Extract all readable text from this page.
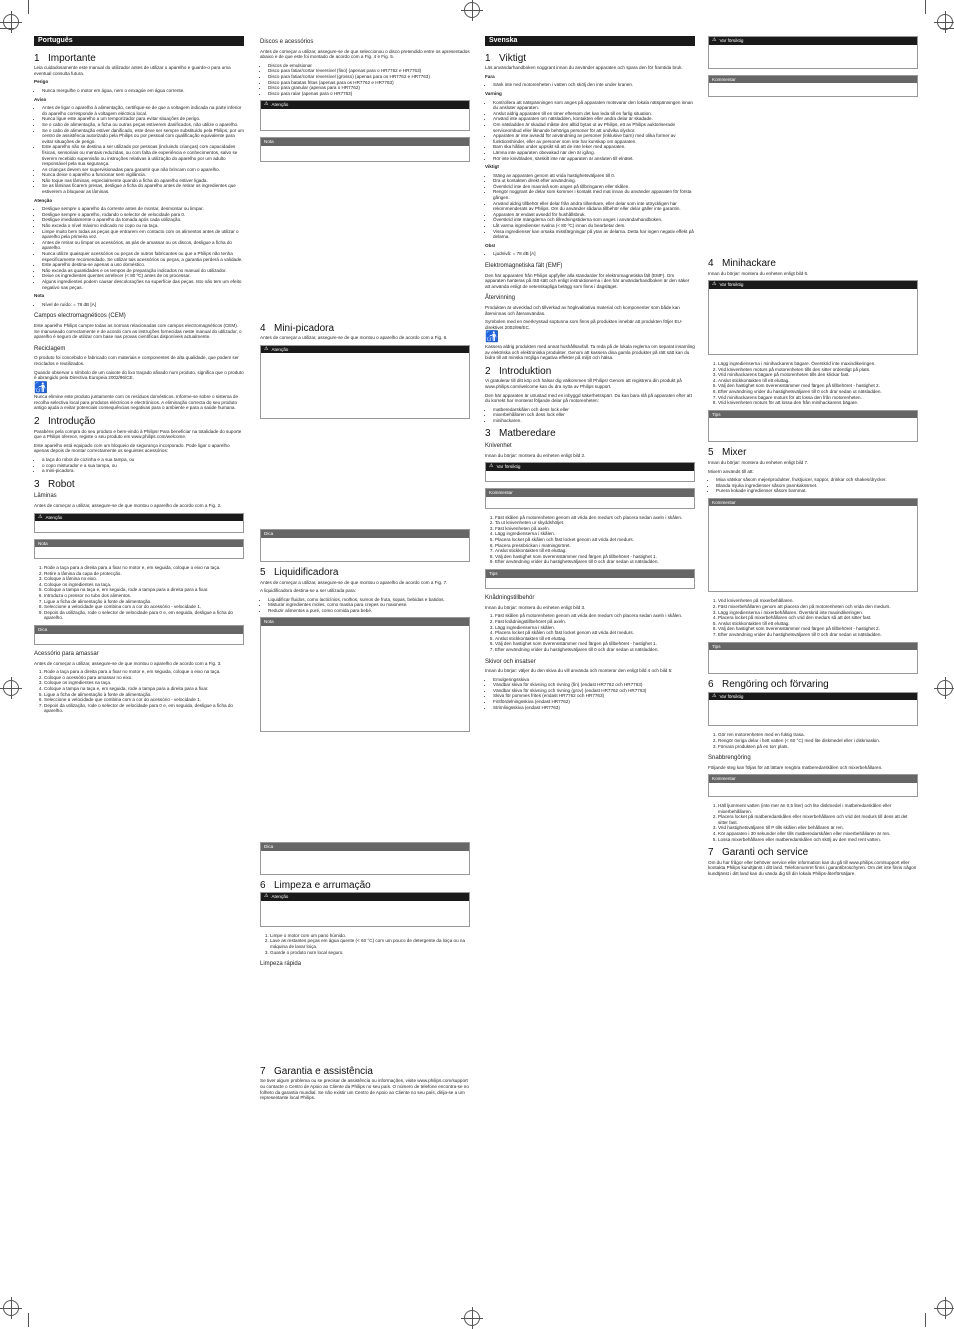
Português
1 Importante

Leia cuidadosamente este manual do utilizador antes de utilizar o aparelho e guarde-o para uma eventual consulta futura.

Perigo

• Nunca mergulhe o motor em água, nem o enxagúe em água corrente.

Aviso

• Antes de ligar o aparelho à alimentação, certifique-se de que a voltagem indicada na parte inferior do aparelho corresponde à voltagem eléctrica local.
• Nunca ligue este aparelho a um temporizador para evitar situações de perigo.
• Se o cabo de alimentação, a ficha ou outras peças estiverem danificados, não utilize o aparelho.
• Se o cabo de alimentação estiver danificado, este deve ser sempre substituído pela Philips, por um centro de assistência autorizado pela Philips ou por pessoal com qualificação equivalente para evitar situações de perigo.
• Este aparelho não se destina a ser utilizado por pessoas (incluindo crianças) com capacidades físicas, sensoriais ou mentais reduzidas, ou com falta de experiência e conhecimentos, salvo se tiverem recebido supervisão ou instruções relativas à utilização do aparelho por um adulto responsável pela sua segurança.
• As crianças devem ser supervisionadas para garantir que não brincam com o aparelho.
• Nunca deixe o aparelho a funcionar sem vigilância.
• Não toque nas lâminas, especialmente quando a ficha do aparelho estiver ligada.
• Se as lâminas ficarem presas, desligue a ficha do aparelho antes de retirar os ingredientes que estiverem a bloquear as lâminas.

Atenção

• Desligue sempre o aparelho da corrente antes de montar, desmontar ou limpar.
• Desligue sempre o aparelho, rodando o selector de velocidade para 0.
• Desligue imediatamente o aparelho da tomada após cada utilização.
• Não exceda o nível máximo indicado no copo ou na taça.
• Limpe muito bem todas as peças que entrarem em contacto com os alimentos antes de utilizar o aparelho pela primeira vez.
• Antes de retirar ou limpar os acessórios, as pás de amassar ou os discos, desligue a ficha do aparelho.
• Nunca utilize quaisquer acessórios ou peças de outros fabricantes ou que a Philips não tenha especificamente recomendado. Se utilizar tais acessórios ou peças, a garantia perderá a validade.
• Este aparelho destina-se apenas a uso doméstico.
• Não exceda as quantidades e os tempos de preparação indicados no manual do utilizador.
• Deixe os ingredientes quentes arrefecer (< 80 ºC) antes de os processar.
• Alguns ingredientes podem causar descolorações na superfície das peças. Isto não tem um efeito negativo nas peças.

Nota

• Nível de ruído: = 78 dB [A]
Campos electromagnéticos (CEM)

Este aparelho Philips cumpre todas as normas relacionadas com campos electromagnéticos (CEM). Se manuseado correctamente e de acordo com as instruções fornecidas neste manual do utilizador, o aparelho é seguro de utilizar com base nas provas científicas disponíveis actualmente.

Reciclagem

O produto foi concebido e fabricado com materiais e componentes de alta qualidade, que podem ser reciclados e reutilizados.

Quando observar o símbolo de um caixote do lixo traçado afixado num produto, significa que o produto é abrangido pela Directiva Europeia 2002/96/CE.

🚮

Nunca elimine este produto juntamente com os resíduos domésticos. Informe-se sobre o sistema de recolha selectiva local para produtos eléctricos e electrónicos. A eliminação correcta do seu produto antigo ajuda a evitar potenciais consequências negativas para o ambiente e para a saúde humana.

2 Introdução

Parabéns pela compra do seu produto e bem-vindo à Philips! Para beneficiar na totalidade do suporte que a Philips oferece, registe o seu produto em www.philips.com/welcome.

Este aparelho está equipado com um bloqueio de segurança incorporado. Pode ligar o aparelho apenas depois de montar correctamente os seguintes acessórios:

• a taça do robot de cozinha e a sua tampa, ou
• o copo misturador e a sua tampa, ou
• a mini-picadora.
3 Robot
Lâminas

Antes de começar a utilizar, assegure-se de que montou o aparelho de acordo com a Fig. 2.

⚠ Atenção

Nota

1. Rode a taça para a direita para a fixar no motor e, em seguida, coloque o eixo na taça.
2. Retire a lâmina da capa de protecção.
3. Coloque a lâmina no eixo.
4. Coloque os ingredientes na taça.
5. Coloque a tampa na taça e, em seguida, rode a tampa para a direita para a fixar.
6. Introduza o pressor no tubo dos alimentos.
7. Ligue a ficha de alimentação à fonte de alimentação.
8. Seleccione a velocidade que combina com a cor do acessório - velocidade 1.
9. Depois da utilização, rode o selector de velocidade para 0 e, em seguida, desligue a ficha do aparelho.
Dica

Acessório para amassar

Antes de começar a utilizar, assegure-se de que montou o aparelho de acordo com a Fig. 3.

1. Rode a taça para a direita para a fixar no motor e, em seguida, coloque o eixo na taça.
2. Coloque o acessório para amassar no eixo.
3. Coloque os ingredientes na taça.
4. Coloque a tampa na taça e, em seguida, rode a tampa para a direita para a fixar.
5. Ligue a ficha de alimentação à fonte de alimentação.
6. Seleccione a velocidade que combina com a cor do acessório - velocidade 1.
7. Depois da utilização, rode o selector de velocidade para 0 e, em seguida, desligue a ficha do aparelho.
Discos e acessórios

Antes de começar a utilizar, assegure-se de que seleccionou o disco pretendido entre os apresentados abaixo e de que este foi montado de acordo com a Fig. 4 e Fig. 5.

• Discos de emulsionar
• Disco para fatiar/cortar reversível (fino) (apenas para o HR7762 e HR7763)
• Disco para fatiar/cortar reversível (grosso) (apenas para os HR7762 e HR7763)
• Disco para batatas fritas (apenas para os HR7762 e HR7763)
• Disco para granular (apenas para o HR7762)
• Disco para ralar (apenas para o HR7763)
⚠ Atenção
Nota
4 Mini-picadora

Antes de começar a utilizar, assegure-se de que montou o aparelho de acordo com a Fig. 6.

⚠ Atenção
Dica
5 Liquidificadora

Antes de começar a utilizar, assegure-se de que montou o aparelho de acordo com a Fig. 7.

A liquidificadora destina-se a ser utilizada para:

• Liquidificar fluidos, como lacticínios, molhos, sumos de fruta, sopas, bebidas e batidos.
• Misturar ingredientes moles, como massa para crepes ou maionese.
• Reduzir alimentos a puré, como comida para bebé.
Nota
Dica
6 Limpeza e arrumação
⚠ Atenção
1. Limpe o motor com um pano húmido.
2. Lave as restantes peças em água quente (< 60 °C) com um pouco de detergente da loiça ou na máquina de lavar loiça.
3. Guarde o produto num local seguro.
Limpeza rápida
7 Garantia e assistência

Se tiver algum problema ou se precisar de assistência ou informações, visite www.philips.com/support ou contacte o Centro de Apoio ao Cliente da Philips no seu país. O número de telefone encontra-se no folheto da garantia mundial. Se não existir um Centro de Apoio ao Cliente no seu país, dirija-se a um representante local Philips.

Svenska
1 Viktigt

Läs användarhandboken noggrant innan du använder apparaten och spara den för framtida bruk.

Fara

• Sänk inte ned motorenheten i vatten och skölj den inte under kranen.

Varning

• Kontrollera att nätspänningen som anges på apparaten motsvarar den lokala nätspänningen innan du ansluter apparaten.
• Anslut aldrig apparaten till en timer eftersom det kan leda till en farlig situation.
• Använd inte apparaten om nätsladden, kontakten eller andra delar är skadade.
• Om nätsladden är skadad måste den alltid bytas ut av Philips, ett av Philips auktoriserade serviceombud eller liknande behöriga personer för att undvika olyckor.
• Apparaten är inte avsedd för användning av personer (inklusive barn) med olika former av funktionshinder, eller av personer som inte har kunskap om apparaten.
• Barn ska hållas under uppsikt så att de inte leker med apparaten.
• Lämna inte apparaten obevakad när den är igång.
• Rör inte knivbladen, särskilt inte när apparaten är ansluten till elnätet.

Viktigt

• Stäng av apparaten genom att vrida hastighetsväljaren till 0.
• Dra ut kontakten direkt efter användning.
• Överskrid inte den maxnivå som anges på tillbringaren eller skålen.
• Rengör noggrant de delar som kommer i kontakt med mat innan du använder apparaten för första gången.
• Använd aldrig tillbehör eller delar från andra tillverkare, eller delar som inte uttryckligen har rekommenderats av Philips. Om du använder sådana tillbehör eller delar gäller inte garantin.
• Apparaten är endast avsedd för hushållsbruk.
• Överskrid inte mängderna och tillredningstiderna som anges i användarhandboken.
• Låt varma ingredienser svalna (< 80 ºC) innan du bearbetar dem.
• Vissa ingredienser kan orsaka missfärgningar på ytan av delarna. Detta har ingen negativ effekt på delarna.

Obs!

• Ljudnivå: = 78 dB [A]
Elektromagnetiska fält (EMF)

Den här apparaten från Philips uppfyller alla standarder för elektromagnetiska fält (EMF). Om apparaten hanteras på rätt sätt och enligt instruktionerna i den här användarhandboken är den säker att använda enligt de vetenskapliga belägg som finns i dagsläget.

Återvinning

Produkten är utvecklad och tillverkad av högkvalitativa material och komponenter som både kan återvinnas och återanvändas.

Symbolen med en överkryssad soptunna som finns på produkten innebär att produkten följer EU-direktivet 2002/96/EC.

🚮

Kassera aldrig produkten med annat hushållsavfall. Ta reda på de lokala reglerna om separat insamling av elektriska och elektroniska produkter. Genom att kassera dina gamla produkter på rätt sätt kan du bidra till att minska möjliga negativa effekter på miljö och hälsa.

2 Introduktion

Vi gratulerar till ditt köp och hälsar dig välkommen till Philips! Genom att registrera din produkt på www.philips.com/welcome kan du dra nytta av Philips support.

Den här apparaten är utrustad med en inbyggd säkerhetsspärr. Du kan bara slå på apparaten efter att du korrekt har monterat följande delar på motorenheten:

• matberedarskålen och dess lock eller
• mixerbehållaren och dess lock eller
• minihackaren.
3 Matberedare
Knivenhet

Innan du börjar: montera du enheten enligt bild 2.

⚠ Var försiktig

Kommentar

1. Fäst skålen på motorenheten genom att vrida den medurs och placera sedan axeln i skålen.
2. Ta ut knivenheten ur skyddshöljet.
3. Fäst knivenheten på axeln.
4. Lägg ingredienserna i skålen.
5. Placera locket på skålen och fäst locket genom att vrida det medurs.
6. Placera pressbrickan i matningsröret.
7. Anslut stickkontakten till ett eluttag.
8. Välj den hastighet som överensstämmer med färgen på tillbehöret - hastighet 1.
9. Efter användning vrider du hastighetsväljaren till 0 och drar sedan ut nätsladden.
Tips

Knådningstillbehör

Innan du börjar: montera du enheten enligt bild 3.

1. Fäst skålen på motorenheten genom att vrida den medurs och placera sedan axeln i skålen.
2. Fäst knådningstillbehöret på axeln.
3. Lägg ingredienserna i skålen.
4. Placera locket på skålen och fäst locket genom att vrida det medurs.
5. Anslut stickkontakten till ett eluttag.
6. Välj den hastighet som överensstämmer med färgen på tillbehöret - hastighet 1.
7. Efter användning vrider du hastighetsväljaren till 0 och drar sedan ut nätsladden.
Skivor och insatser

Innan du börjar: väljer du den skiva du vill använda och monterar den enligt bild 4 och bild 5:

• Emulgeringsskiva
• Vändbar skiva för skivning och rivning (fin) (endast HR7762 och HR7763)
• Vändbar skiva för skivning och rivning (grov) (endast HR7762 och HR7763)
• Skiva för pommes frites (endast HR7762 och HR7763)
• Fintfördelningsskiva (endast HR7762)
• Strimlingsskiva (endast HR7763)
⚠ Var försiktig
Kommentar
4 Minihackare

Innan du börjar: montera du enheten enligt bild 6.

⚠ Var försiktig
1. Lägg ingredienserna i minihackarens bägare. Överskrid inte maxindikeringen.
2. Vrid knivenheten moturs på motorenheten tills den sitter ordentligt på plats.
3. Vrid minihackarens bägare på motorenheten tills den klickar fast.
4. Anslut stickkontakten till ett eluttag.
5. Välj den hastighet som överensstämmer med färgen på tillbehöret - hastighet 2.
6. Efter användning vrider du hastighetsväljaren till 0 och drar sedan ut nätsladden.
7. Vrid minihackarens bägare moturs för att lossa den från motorenheten.
8. Vrid knivenheten moturs för att lossa den från minihackarens bägare.
Tips
5 Mixer

Innan du börjar: montera du enheten enligt bild 7.

Mixern används till att:

• Mixa vätskor såsom mejeriprodukter, fruktjuicer, soppor, drinkar och shakes/drycker.
• Blanda mjuka ingredienser såsom pannkakssmet.
• Purera kokade ingredienser såsom barnmat.
Kommentar
1. Vrid knivenheten på mixerbehållaren.
2. Fäst mixerbehållaren genom att placera den på motorenheten och vrida den medurs.
3. Lägg ingredienserna i mixerbehållaren. Överskrid inte maxindikeringen.
4. Placera locket på mixerbehållaren och vrid den medurs så att det sitter fast.
5. Anslut stickkontakten till ett eluttag.
6. Välj den hastighet som överensstämmer med färgen på tillbehöret - hastighet 2.
7. Efter användning vrider du hastighetsväljaren till 0 och drar sedan ut nätsladden.
Tips
6 Rengöring och förvaring
⚠ Var försiktig
1. Gör ren motorenheten med en fuktig trasa.
2. Rengör övriga delar i hett vatten (< 60 °C) med lite diskmedel eller i diskmaskin.
3. Förvara produkten på en torr plats.
Snabbrengöring

Följande steg kan följas för att lättare rengöra matberedarskålen och mixerbehållaren.

Kommentar
1. Häll ljumment vatten (inte mer än 0,5 liter) och lite diskmedel i matberedarskålen eller mixerbehållaren.
2. Placera locket på matberedarskålen eller mixerbehållaren och vrid det medurs till dess att det sitter fast.
3. Vrid hastighetsväljaren till P tills skålen eller behållaren är ren.
4. Kör apparaten i 30 sekunder eller tills matberedarskålen eller mixerbehållaren är ren.
5. Lossa mixerbehållaren eller matberedarskålen och skölj av den med rent vatten.
7 Garanti och service

Om du har frågor eller behöver service eller information kan du gå till www.philips.com/support eller kontakta Philips kundtjänst i ditt land. Telefonnumret finns i garantibroschyren. Om det inte finns någon kundtjänst i ditt land kan du vända dig till din lokala Philips-återförsäljare.
